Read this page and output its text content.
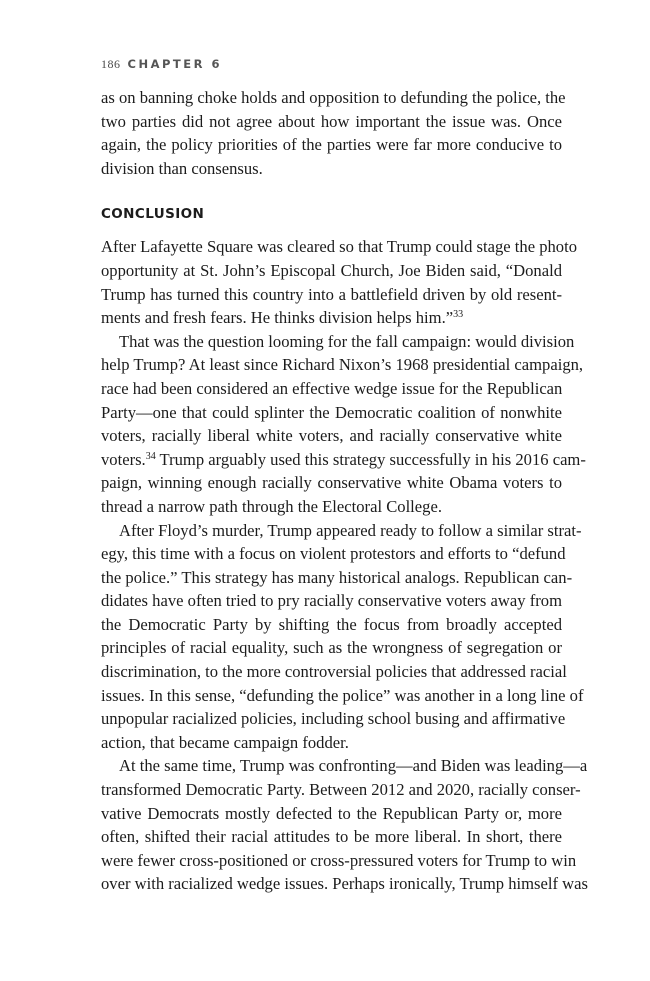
186 CHAPTER 6

as on banning choke holds and opposition to defunding the police, the
two parties did not agree about how important the issue was. Once
again, the policy priorities of the parties were far more conducive to
division than consensus.

CONCLUSION

After Lafayette Square was cleared so that Trump could stage the photo
opportunity at St. John’s Episcopal Church, Joe Biden said, “Donald
Trump has turned this country into a battlefield driven by old resent-
ments and fresh fears. He thinks division helps him.”$^{33}$

That was the question looming for the fall campaign: would division
help Trump? At least since Richard Nixon’s 1968 presidential campaign,
race had been considered an effective wedge issue for the Republican
Party—one that could splinter the Democratic coalition of nonwhite
voters, racially liberal white voters, and racially conservative white
voters.$^{34}$ Trump arguably used this strategy successfully in his 2016 cam-
paign, winning enough racially conservative white Obama voters to
thread a narrow path through the Electoral College.

After Floyd’s murder, Trump appeared ready to follow a similar strat-
egy, this time with a focus on violent protestors and efforts to “defund
the police.” This strategy has many historical analogs. Republican can-
didates have often tried to pry racially conservative voters away from
the Democratic Party by shifting the focus from broadly accepted
principles of racial equality, such as the wrongness of segregation or
discrimination, to the more controversial policies that addressed racial
issues. In this sense, “defunding the police” was another in a long line of
unpopular racialized policies, including school busing and affirmative
action, that became campaign fodder.

At the same time, Trump was confronting—and Biden was leading—a
transformed Democratic Party. Between 2012 and 2020, racially conser-
vative Democrats mostly defected to the Republican Party or, more
often, shifted their racial attitudes to be more liberal. In short, there
were fewer cross-positioned or cross-pressured voters for Trump to win
over with racialized wedge issues. Perhaps ironically, Trump himself was
